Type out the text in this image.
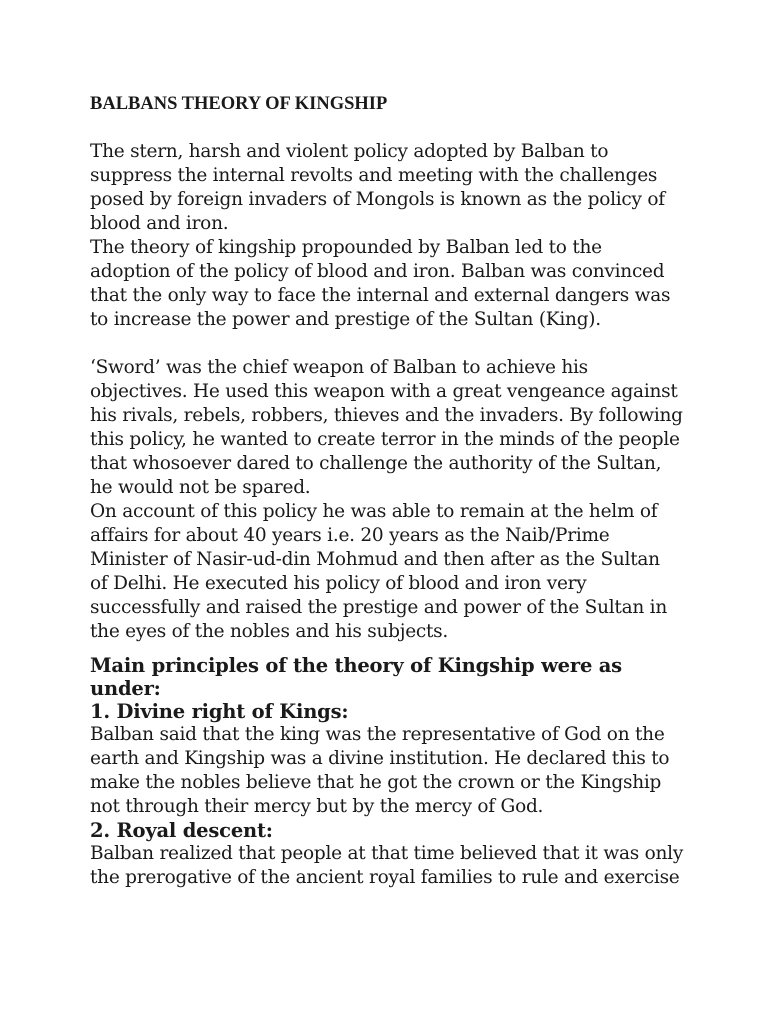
BALBANS THEORY OF KINGSHIP

The stern, harsh and violent policy adopted by Balban to
suppress the internal revolts and meeting with the challenges
posed by foreign invaders of Mongols is known as the policy of
blood and iron.

The theory of kingship propounded by Balban led to the
adoption of the policy of blood and iron. Balban was convinced
that the only way to face the internal and external dangers was
to increase the power and prestige of the Sultan (King).

‘Sword’ was the chief weapon of Balban to achieve his
objectives. He used this weapon with a great vengeance against
his rivals, rebels, robbers, thieves and the invaders. By following
this policy, he wanted to create terror in the minds of the people
that whosoever dared to challenge the authority of the Sultan,
he would not be spared.

On account of this policy he was able to remain at the helm of
affairs for about 40 years i.e. 20 years as the Naib/Prime
Minister of Nasir-ud-din Mohmud and then after as the Sultan
of Delhi. He executed his policy of blood and iron very
successfully and raised the prestige and power of the Sultan in
the eyes of the nobles and his subjects.

Main principles of the theory of Kingship were as
under:

1. Divine right of Kings:

Balban said that the king was the representative of God on the
earth and Kingship was a divine institution. He declared this to
make the nobles believe that he got the crown or the Kingship
not through their mercy but by the mercy of God.

2. Royal descent:

Balban realized that people at that time believed that it was only
the prerogative of the ancient royal families to rule and exercise
